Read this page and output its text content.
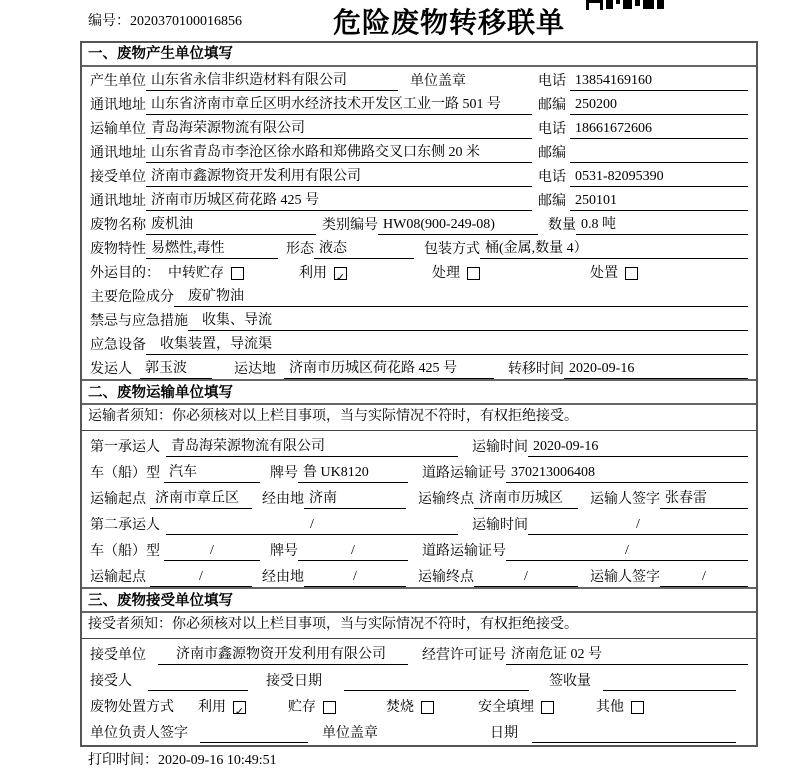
编号：2020370100016856	危险废物转移联单
一、废物产生单位填写
产生单位 山东省永信非织造材料有限公司	单位盖章	电话 13854169160
通讯地址 山东省济南市章丘区明水经济技术开发区工业一路 501 号	邮编 250200
运输单位 青岛海荣源物流有限公司	电话 18661672606
通讯地址 山东省青岛市李沧区徐水路和郑佛路交叉口东侧 20 米	邮编
接受单位 济南市鑫源物资开发利用有限公司	电话 0531-82095390
通讯地址 济南市历城区荷花路 425 号	邮编 250101
废物名称 废机油	类别编号 HW08(900-249-08)	数量 0.8 吨
废物特性 易燃性,毒性	形态 液态	包装方式 桶(金属,数量 4）
外运目的： 中转贮存	利用 ✓	处理	处置
主要危险成分	废矿物油
禁忌与应急措施	收集、导流
应急设备	收集装置，导流渠
发运人 郭玉波	运达地 济南市历城区荷花路 425 号	转移时间 2020-09-16
二、废物运输单位填写
运输者须知：你必须核对以上栏目事项，当与实际情况不符时，有权拒绝接受。
第一承运人 青岛海荣源物流有限公司	运输时间 2020-09-16
车（船）型 汽车	牌号 鲁 UK8120	道路运输证号 370213006408
运输起点 济南市章丘区	经由地 济南	运输终点 济南市历城区	运输人签字 张春雷
第二承运人	/	运输时间	/
车（船）型	/	牌号	/	道路运输证号	/
运输起点	/	经由地	/	运输终点	/	运输人签字	/
三、废物接受单位填写
接受者须知：你必须核对以上栏目事项，当与实际情况不符时，有权拒绝接受。
接受单位	济南市鑫源物资开发利用有限公司	经营许可证号 济南危证 02 号
接受人	接受日期	签收量
废物处置方式 利用 ✓	贮存	焚烧	安全填埋	其他
单位负责人签字	单位盖章	日期
打印时间：2020-09-16 10:49:51
